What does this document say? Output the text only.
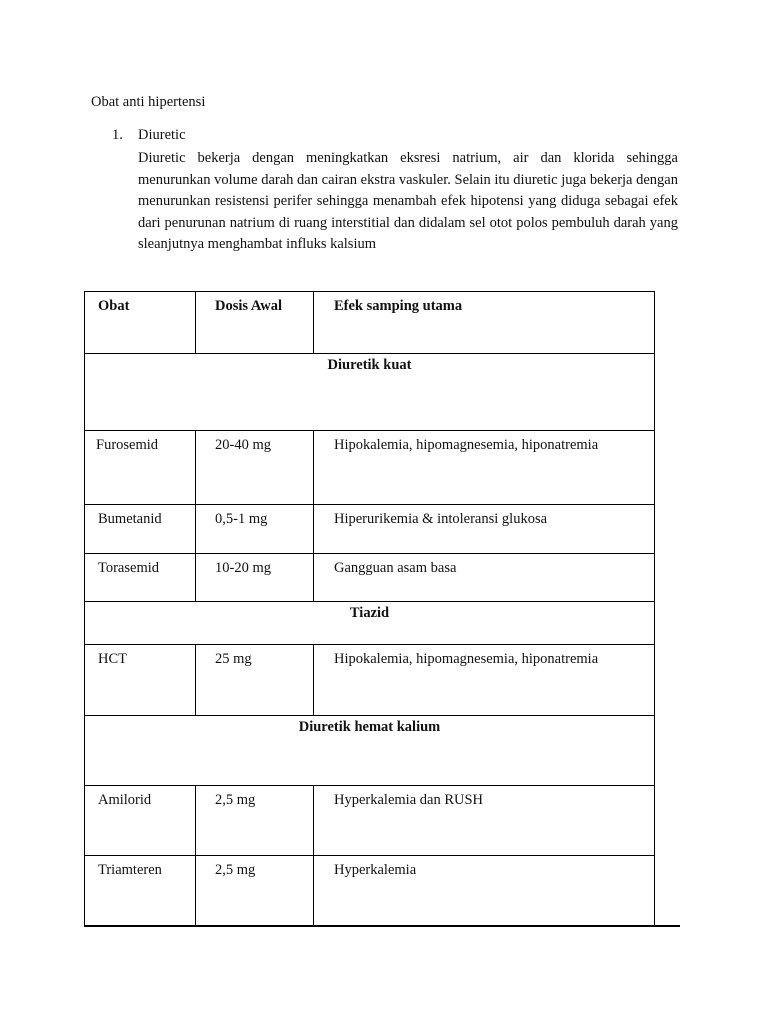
Obat anti hipertensi
1. Diuretic
Diuretic bekerja dengan meningkatkan eksresi natrium, air dan klorida sehingga menurunkan volume darah dan cairan ekstra vaskuler. Selain itu diuretic juga bekerja dengan menurunkan resistensi perifer sehingga menambah efek hipotensi yang diduga sebagai efek dari penurunan natrium di ruang interstitial dan didalam sel otot polos pembuluh darah yang sleanjutnya menghambat influks kalsium
Obat	Dosis Awal	Efek samping utama
Diuretik kuat
Furosemid	20-40 mg	Hipokalemia, hipomagnesemia, hiponatremia
Bumetanid	0,5-1 mg	Hiperurikemia & intoleransi glukosa
Torasemid	10-20 mg	Gangguan asam basa
Tiazid
HCT	25 mg	Hipokalemia, hipomagnesemia, hiponatremia
Diuretik hemat kalium
Amilorid	2,5 mg	Hyperkalemia dan RUSH
Triamteren	2,5 mg	Hyperkalemia
